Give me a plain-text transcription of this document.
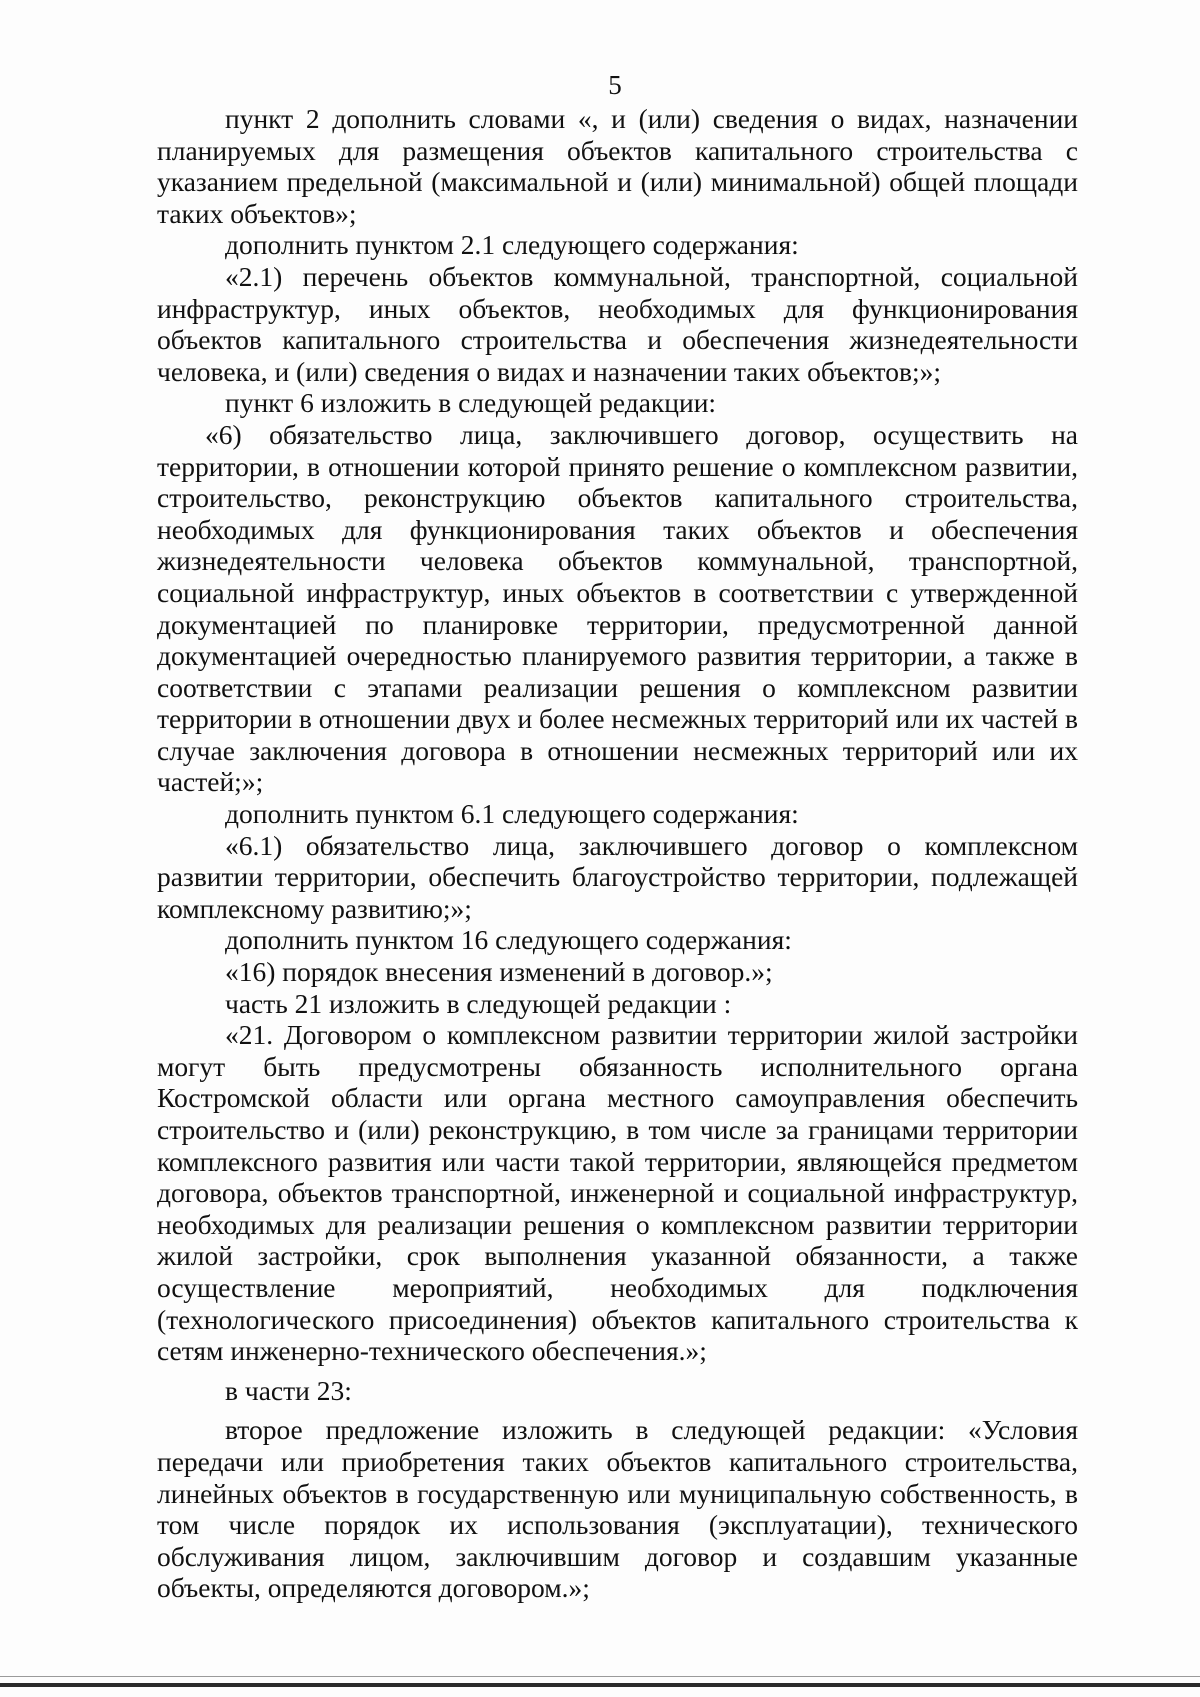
5

пункт 2 дополнить словами «, и (или) сведения о видах, назначении планируемых для размещения объектов капитального строительства с указанием предельной (максимальной и (или) минимальной) общей площади таких объектов»;

дополнить пунктом 2.1 следующего содержания:

«2.1) перечень объектов коммунальной, транспортной, социальной инфраструктур, иных объектов, необходимых для функционирования объектов капитального строительства и обеспечения жизнедеятельности человека, и (или) сведения о видах и назначении таких объектов;»;

пункт 6 изложить в следующей редакции:

«6) обязательство лица, заключившего договор, осуществить на территории, в отношении которой принято решение о комплексном развитии, строительство, реконструкцию объектов капитального строительства, необходимых для функционирования таких объектов и обеспечения жизнедеятельности человека объектов коммунальной, транспортной, социальной инфраструктур, иных объектов в соответствии с утвержденной документацией по планировке территории, предусмотренной данной документацией очередностью планируемого развития территории, а также в соответствии с этапами реализации решения о комплексном развитии территории в отношении двух и более несмежных территорий или их частей в случае заключения договора в отношении несмежных территорий или их частей;»;

дополнить пунктом 6.1 следующего содержания:

«6.1) обязательство лица, заключившего договор о комплексном развитии территории, обеспечить благоустройство территории, подлежащей комплексному развитию;»;

дополнить пунктом 16 следующего содержания:

«16) порядок внесения изменений в договор.»;

часть 21 изложить в следующей редакции :

«21. Договором о комплексном развитии территории жилой застройки могут быть предусмотрены обязанность исполнительного органа Костромской области или органа местного самоуправления обеспечить строительство и (или) реконструкцию, в том числе за границами территории комплексного развития или части такой территории, являющейся предметом договора, объектов транспортной, инженерной и социальной инфраструктур, необходимых для реализации решения о комплексном развитии территории жилой застройки, срок выполнения указанной обязанности, а также осуществление мероприятий, необходимых для подключения (технологического присоединения) объектов капитального строительства к сетям инженерно-технического обеспечения.»;

в части 23:

второе предложение изложить в следующей редакции: «Условия передачи или приобретения таких объектов капитального строительства, линейных объектов в государственную или муниципальную собственность, в том числе порядок их использования (эксплуатации), технического обслуживания лицом, заключившим договор и создавшим указанные объекты, определяются договором.»;
